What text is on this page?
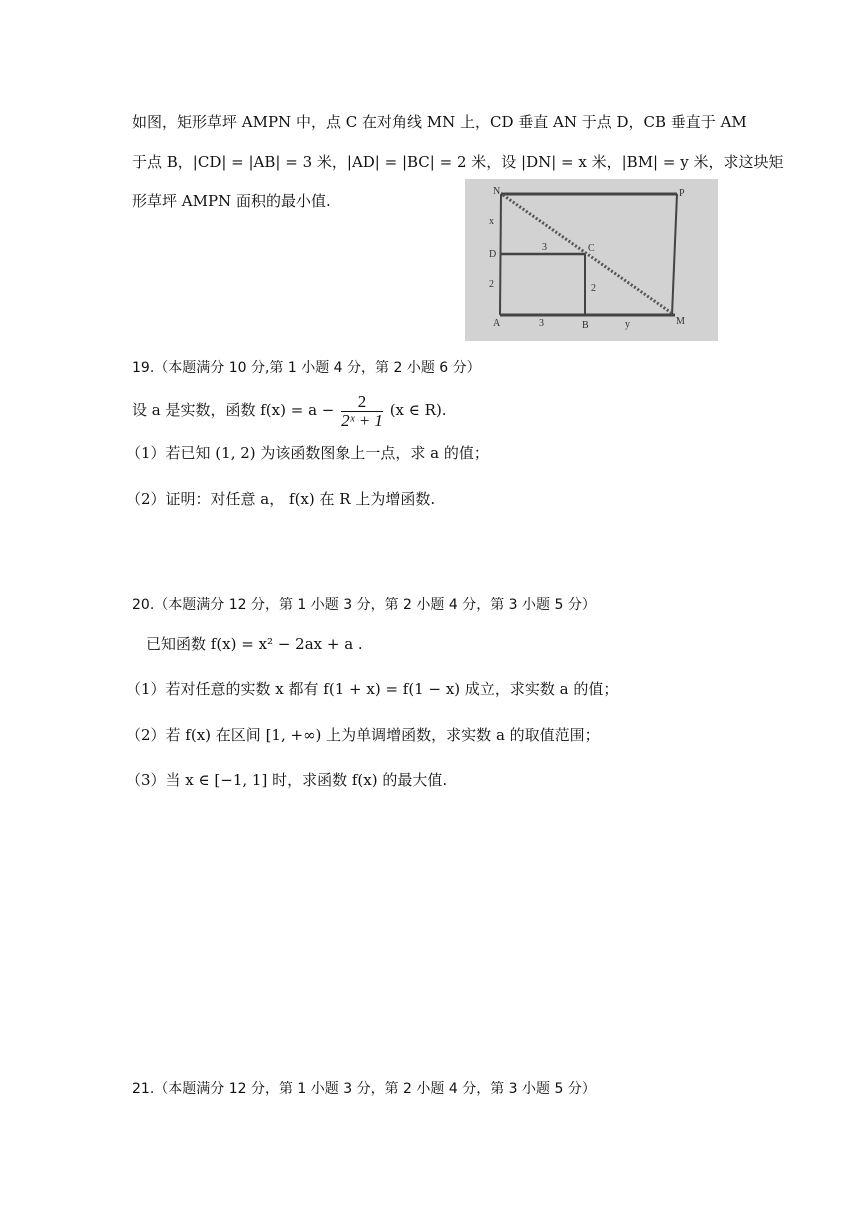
如图，矩形草坪 AMPN 中，点 C 在对角线 MN 上，CD 垂直 AN 于点 D，CB 垂直于 AM
于点 B，|CD| = |AB| = 3 米，|AD| = |BC| = 2 米，设 |DN| = x 米，|BM| = y 米，求这块矩
形草坪 AMPN 面积的最小值.
N	P
x
D
3	C
2	2
A	3	B	y	M
19.（本题满分 10 分,第 1 小题 4 分，第 2 小题 6 分）
设 a 是实数，函数 $f(x) = a - \frac{2}{\text{2ˣ + 1}} (x$ ∈ R).
（1）若已知 (1, 2) 为该函数图象上一点，求 a 的值；
（2）证明：对任意 a， f(x) 在 R 上为增函数.
20.（本题满分 12 分，第 1 小题 3 分，第 2 小题 4 分，第 3 小题 5 分）
已知函数 f(x) = x² − 2ax + a .
（1）若对任意的实数 x 都有 f(1 + x) = f(1 − x) 成立，求实数 a 的值；
（2）若 f(x) 在区间 [1, +∞) 上为单调增函数，求实数 a 的取值范围；
（3）当 x ∈ [−1, 1] 时，求函数 f(x) 的最大值.
21.（本题满分 12 分，第 1 小题 3 分，第 2 小题 4 分，第 3 小题 5 分）
